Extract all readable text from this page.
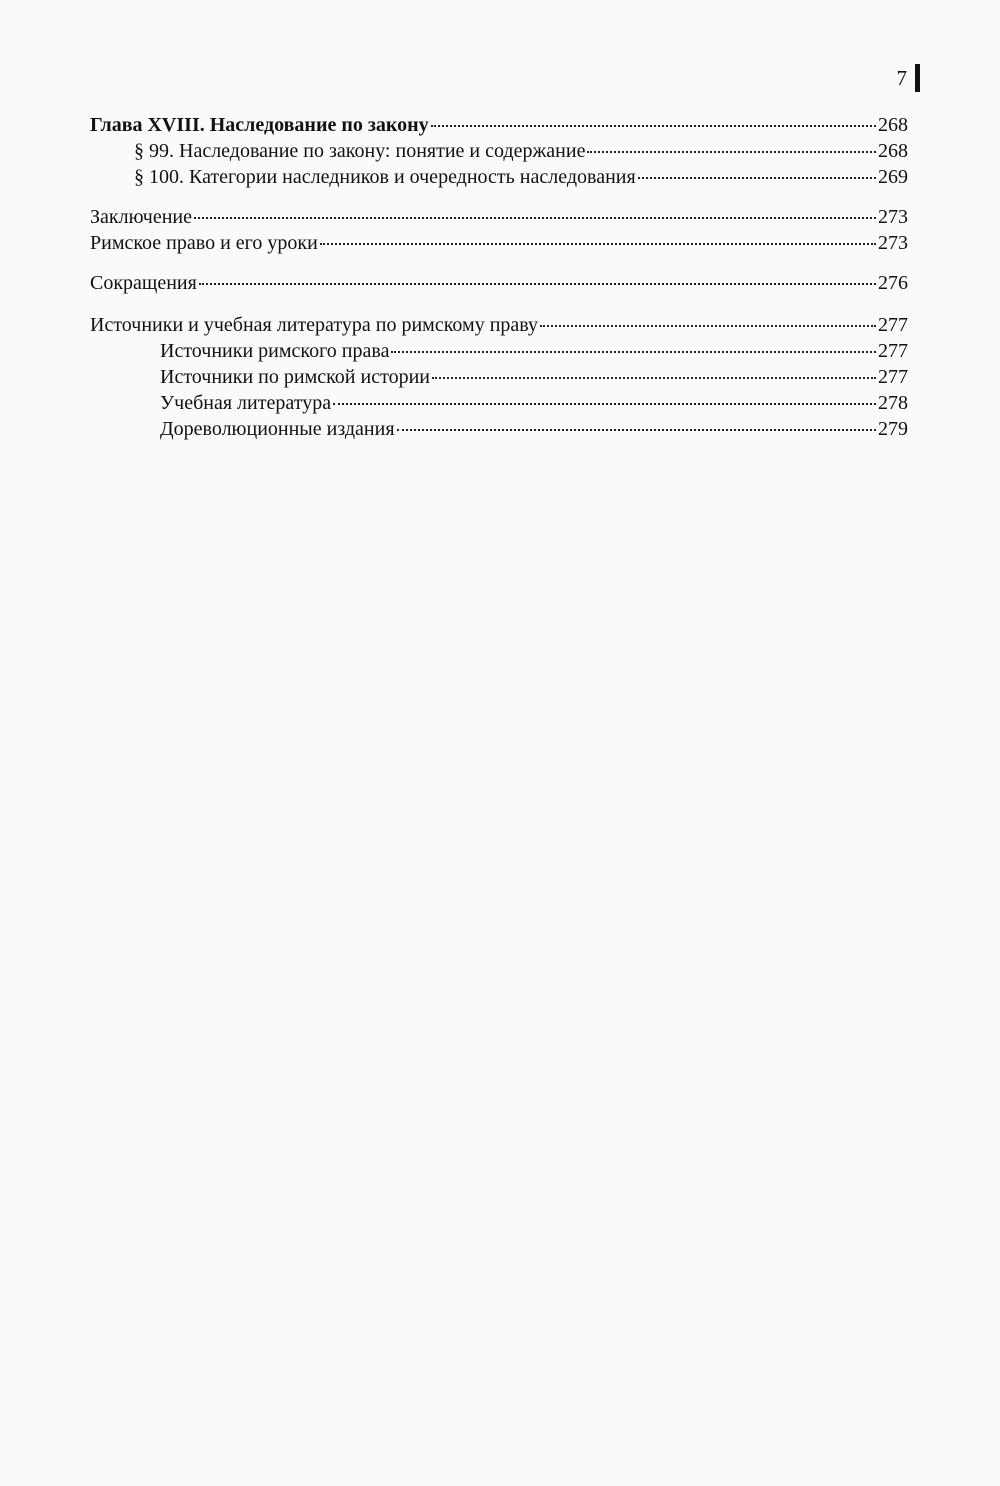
7
Глава XVIII. Наследование по закону	268
§ 99. Наследование по закону: понятие и содержание	268
§ 100. Категории наследников и очередность наследования	269
Заключение	273
Римское право и его уроки	273
Сокращения	276
Источники и учебная литература по римскому праву	277
Источники римского права	277
Источники по римской истории	277
Учебная литература	278
Дореволюционные издания	279
